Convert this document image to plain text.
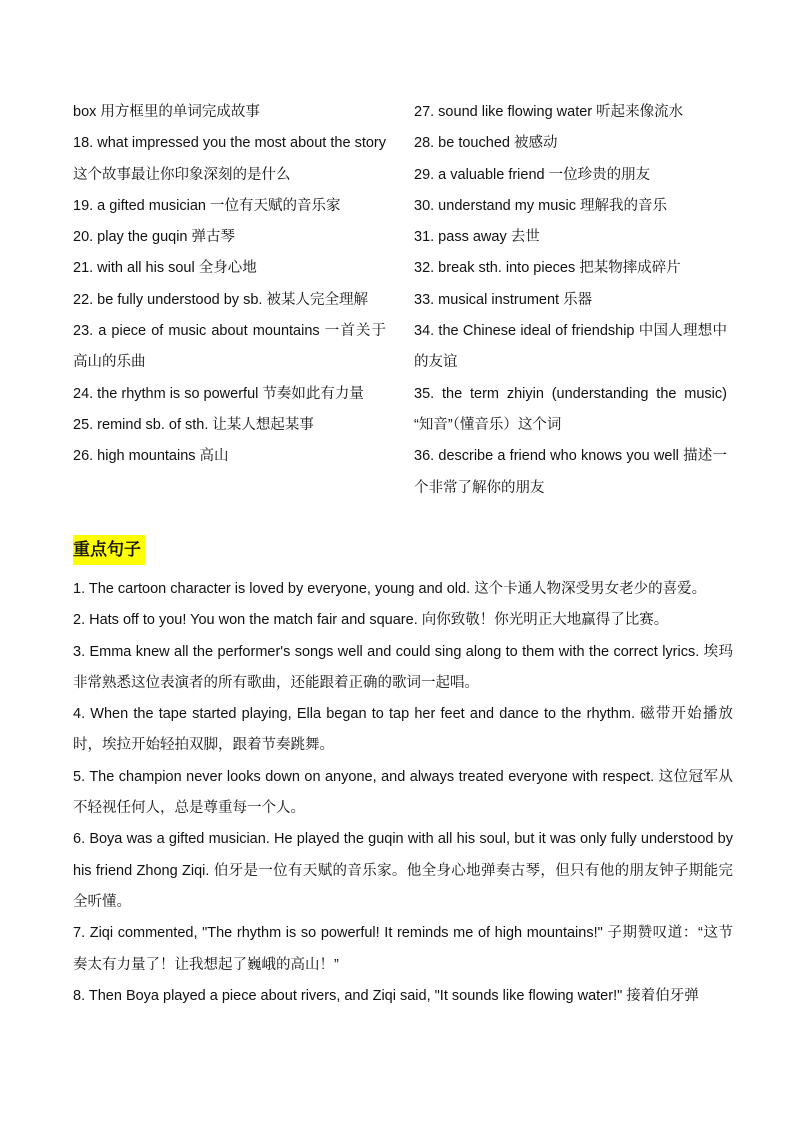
box 用方框里的单词完成故事
18. what impressed you the most about the story 这个故事最让你印象深刻的是什么
19. a gifted musician 一位有天赋的音乐家
20. play the guqin 弹古琴
21. with all his soul 全身心地
22. be fully understood by sb. 被某人完全理解
23. a piece of music about mountains 一首关于高山的乐曲
24. the rhythm is so powerful 节奏如此有力量
25. remind sb. of sth. 让某人想起某事
26. high mountains 高山
27. sound like flowing water 听起来像流水
28. be touched 被感动
29. a valuable friend 一位珍贵的朋友
30. understand my music 理解我的音乐
31. pass away 去世
32. break sth. into pieces 把某物摔成碎片
33. musical instrument 乐器
34. the Chinese ideal of friendship 中国人理想中的友谊
35. the term zhiyin (understanding the music) “知音”（懂音乐）这个词
36. describe a friend who knows you well 描述一个非常了解你的朋友
重点句子
1. The cartoon character is loved by everyone, young and old. 这个卡通人物深受男女老少的喜爱。
2. Hats off to you! You won the match fair and square. 向你致敬！你光明正大地赢得了比赛。
3. Emma knew all the performer's songs well and could sing along to them with the correct lyrics. 埃玛非常熟悉这位表演者的所有歌曲，还能跟着正确的歌词一起唱。
4. When the tape started playing, Ella began to tap her feet and dance to the rhythm. 磁带开始播放时，埃拉开始轻拍双脚，跟着节奏跳舞。
5. The champion never looks down on anyone, and always treated everyone with respect. 这位冠军从不轻视任何人，总是尊重每一个人。
6. Boya was a gifted musician. He played the guqin with all his soul, but it was only fully understood by his friend Zhong Ziqi. 伯牙是一位有天赋的音乐家。他全身心地弹奏古琴，但只有他的朋友钟子期能完全听懂。
7. Ziqi commented, "The rhythm is so powerful! It reminds me of high mountains!" 子期赞叹道：“这节奏太有力量了！让我想起了巍峨的高山！”
8. Then Boya played a piece about rivers, and Ziqi said, "It sounds like flowing water!" 接着伯牙弹
